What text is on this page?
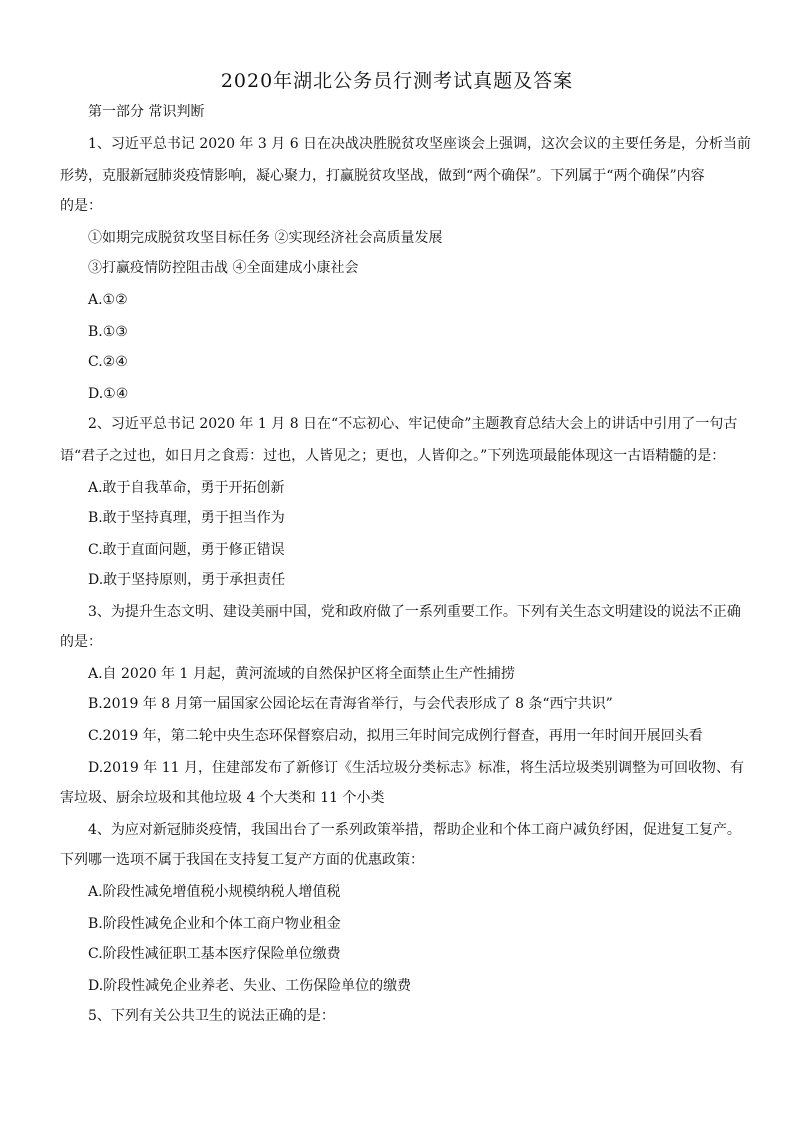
2020年湖北公务员行测考试真题及答案
第一部分 常识判断
1、习近平总书记 2020 年 3 月 6 日在决战决胜脱贫攻坚座谈会上强调，这次会议的主要任务是，分析当前
形势，克服新冠肺炎疫情影响，凝心聚力，打赢脱贫攻坚战，做到“两个确保”。下列属于“两个确保”内容
的是：
①如期完成脱贫攻坚目标任务 ②实现经济社会高质量发展
③打赢疫情防控阻击战 ④全面建成小康社会
A.①②
B.①③
C.②④
D.①④
2、习近平总书记 2020 年 1 月 8 日在“不忘初心、牢记使命”主题教育总结大会上的讲话中引用了一句古
语“君子之过也，如日月之食焉：过也，人皆见之；更也，人皆仰之。”下列选项最能体现这一古语精髓的是：
A.敢于自我革命，勇于开拓创新
B.敢于坚持真理，勇于担当作为
C.敢于直面问题，勇于修正错误
D.敢于坚持原则，勇于承担责任
3、为提升生态文明、建设美丽中国，党和政府做了一系列重要工作。下列有关生态文明建设的说法不正确
的是：
A.自 2020 年 1 月起，黄河流域的自然保护区将全面禁止生产性捕捞
B.2019 年 8 月第一届国家公园论坛在青海省举行，与会代表形成了 8 条“西宁共识”
C.2019 年，第二轮中央生态环保督察启动，拟用三年时间完成例行督查，再用一年时间开展回头看
D.2019 年 11 月，住建部发布了新修订《生活垃圾分类标志》标准，将生活垃圾类别调整为可回收物、有
害垃圾、厨余垃圾和其他垃圾 4 个大类和 11 个小类
4、为应对新冠肺炎疫情，我国出台了一系列政策举措，帮助企业和个体工商户减负纾困，促进复工复产。
下列哪一选项不属于我国在支持复工复产方面的优惠政策：
A.阶段性减免增值税小规模纳税人增值税
B.阶段性减免企业和个体工商户物业租金
C.阶段性减征职工基本医疗保险单位缴费
D.阶段性减免企业养老、失业、工伤保险单位的缴费
5、下列有关公共卫生的说法正确的是：
